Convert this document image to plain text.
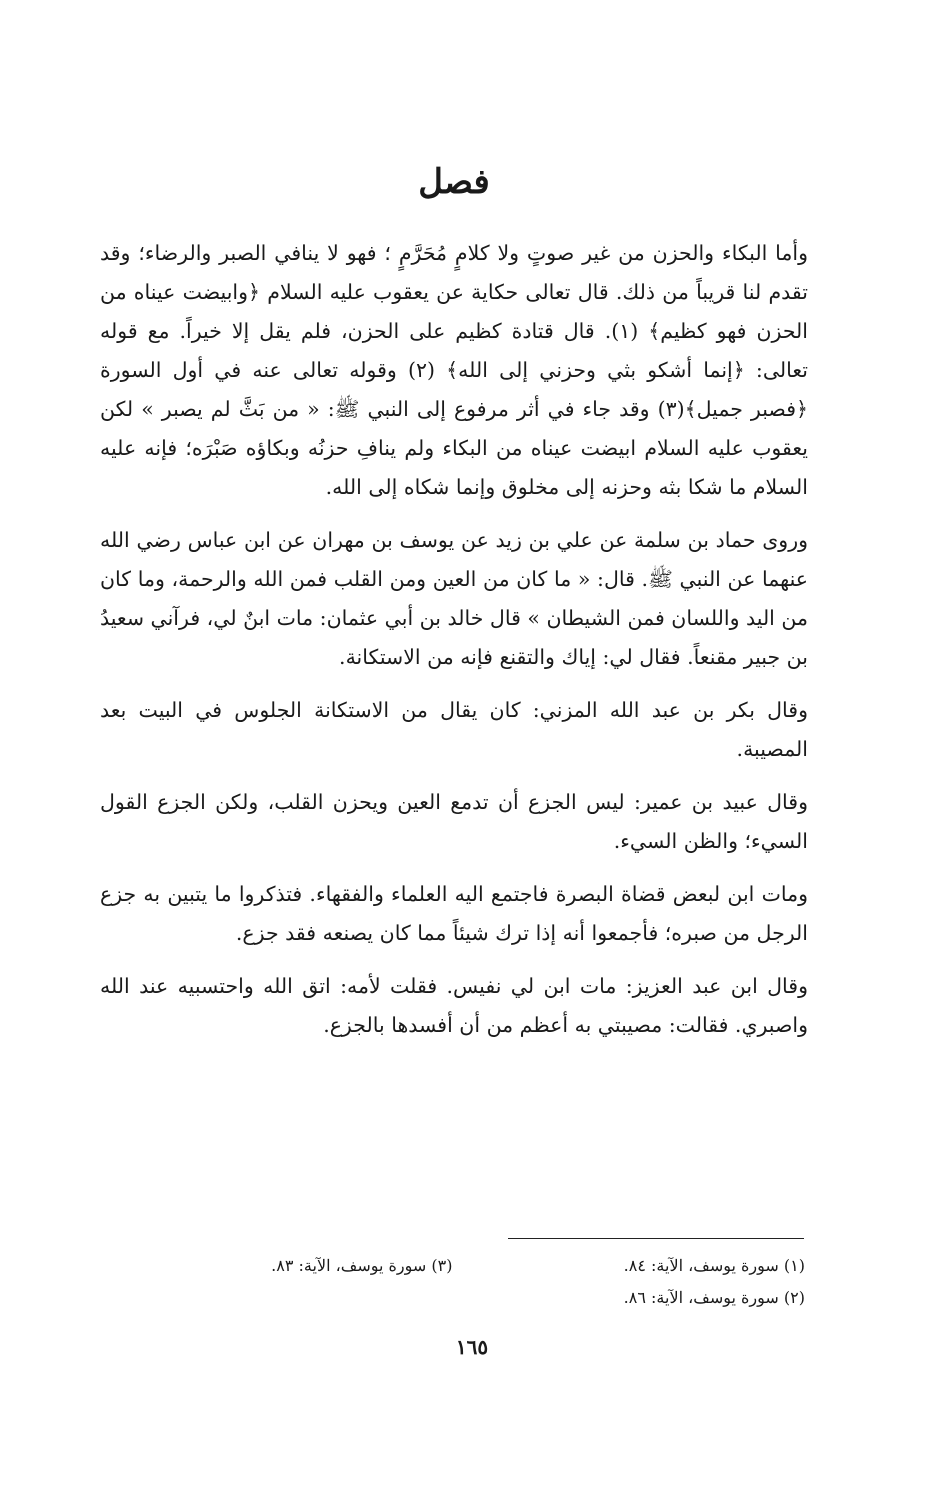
فصل

وأما البكاء والحزن من غير صوتٍ ولا كلامٍ مُحَرَّمٍ ؛ فهو لا ينافي الصبر والرضاء؛ وقد تقدم لنا قريباً من ذلك. قال تعالى حكاية عن يعقوب عليه السلام ﴿وابيضت عيناه من الحزن فهو كظيم﴾ (١). قال قتادة كظيم على الحزن، فلم يقل إلا خيراً. مع قوله تعالى: ﴿إنما أشكو بثي وحزني إلى الله﴾ (٢) وقوله تعالى عنه في أول السورة ﴿فصبر جميل﴾(٣) وقد جاء في أثر مرفوع إلى النبي ﷺ: « من بَثَّ لم يصبر » لكن يعقوب عليه السلام ابيضت عيناه من البكاء ولم ينافِ حزنُه وبكاؤه صَبْرَه؛ فإنه عليه السلام ما شكا بثه وحزنه إلى مخلوق وإنما شكاه إلى الله.

وروى حماد بن سلمة عن علي بن زيد عن يوسف بن مهران عن ابن عباس رضي الله عنهما عن النبي ﷺ. قال: « ما كان من العين ومن القلب فمن الله والرحمة، وما كان من اليد واللسان فمن الشيطان » قال خالد بن أبي عثمان: مات ابنٌ لي، فرآني سعيدُ بن جبير مقنعاً. فقال لي: إياك والتقنع فإنه من الاستكانة.

وقال بكر بن عبد الله المزني: كان يقال من الاستكانة الجلوس في البيت بعد المصيبة.

وقال عبيد بن عمير: ليس الجزع أن تدمع العين ويحزن القلب، ولكن الجزع القول السيء؛ والظن السيء.

ومات ابن لبعض قضاة البصرة فاجتمع اليه العلماء والفقهاء. فتذكروا ما يتبين به جزع الرجل من صبره؛ فأجمعوا أنه إذا ترك شيئاً مما كان يصنعه فقد جزع.

وقال ابن عبد العزيز: مات ابن لي نفيس. فقلت لأمه: اتق الله واحتسبيه عند الله واصبري. فقالت: مصيبتي به أعظم من أن أفسدها بالجزع.

(١) سورة يوسف، الآية: ٨٤.
(٣) سورة يوسف، الآية: ٨٣.
(٢) سورة يوسف، الآية: ٨٦.
١٦٥
